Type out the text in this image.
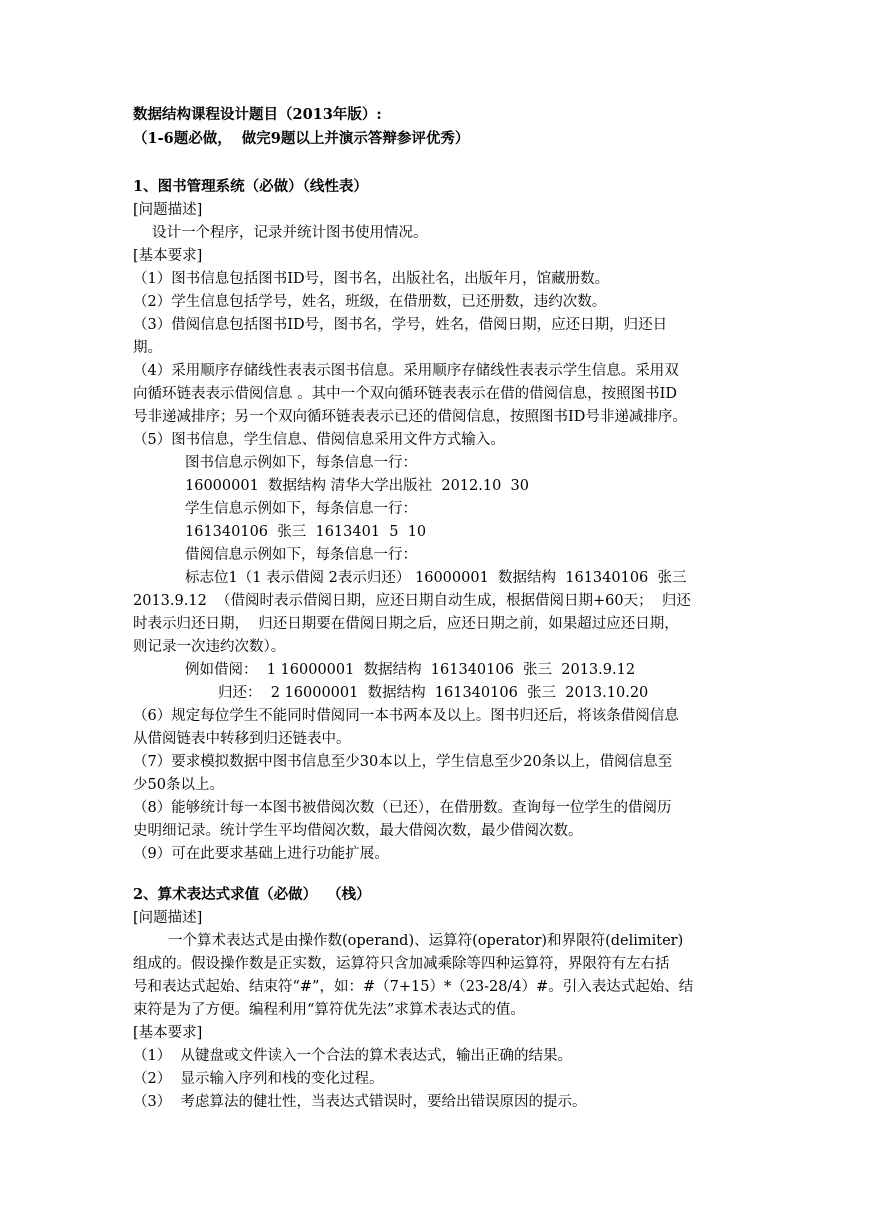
数据结构课程设计题目（2013年版）:
（1-6题必做，  做完9题以上并演示答辩参评优秀）
1、图书管理系统（必做）（线性表）
[问题描述]
设计一个程序，记录并统计图书使用情况。
[基本要求]
（1）图书信息包括图书ID号，图书名，出版社名，出版年月，馆藏册数。
（2）学生信息包括学号，姓名，班级，在借册数，已还册数，违约次数。
（3）借阅信息包括图书ID号，图书名，学号，姓名，借阅日期，应还日期，归还日
期。
（4）采用顺序存储线性表表示图书信息。采用顺序存储线性表表示学生信息。采用双
向循环链表表示借阅信息 。其中一个双向循环链表表示在借的借阅信息，按照图书ID
号非递减排序；另一个双向循环链表表示已还的借阅信息，按照图书ID号非递减排序。
（5）图书信息，学生信息、借阅信息采用文件方式输入。
图书信息示例如下，每条信息一行：
16000001  数据结构 清华大学出版社  2012.10  30
学生信息示例如下，每条信息一行：
161340106  张三  1613401  5  10
借阅信息示例如下，每条信息一行：
标志位1（1 表示借阅 2表示归还） 16000001  数据结构  161340106  张三
2013.9.12  （借阅时表示借阅日期，应还日期自动生成，根据借阅日期+60天；  归还
时表示归还日期，  归还日期要在借阅日期之后，应还日期之前，如果超过应还日期，
则记录一次违约次数）。
例如借阅：  1 16000001  数据结构  161340106  张三  2013.9.12
归还：  2 16000001  数据结构  161340106  张三  2013.10.20
（6）规定每位学生不能同时借阅同一本书两本及以上。图书归还后，将该条借阅信息
从借阅链表中转移到归还链表中。
（7）要求模拟数据中图书信息至少30本以上，学生信息至少20条以上，借阅信息至
少50条以上。
（8）能够统计每一本图书被借阅次数（已还），在借册数。查询每一位学生的借阅历
史明细记录。统计学生平均借阅次数，最大借阅次数，最少借阅次数。
（9）可在此要求基础上进行功能扩展。
2、算术表达式求值（必做）  （栈）
[问题描述]
一个算术表达式是由操作数(operand)、运算符(operator)和界限符(delimiter)
组成的。假设操作数是正实数，运算符只含加减乘除等四种运算符，界限符有左右括
号和表达式起始、结束符“#”，如：#（7+15）*（23-28/4）#。引入表达式起始、结
束符是为了方便。编程利用“算符优先法”求算术表达式的值。
[基本要求]
（1）  从键盘或文件读入一个合法的算术表达式，输出正确的结果。
（2）  显示输入序列和栈的变化过程。
（3）  考虑算法的健壮性，当表达式错误时，要给出错误原因的提示。
